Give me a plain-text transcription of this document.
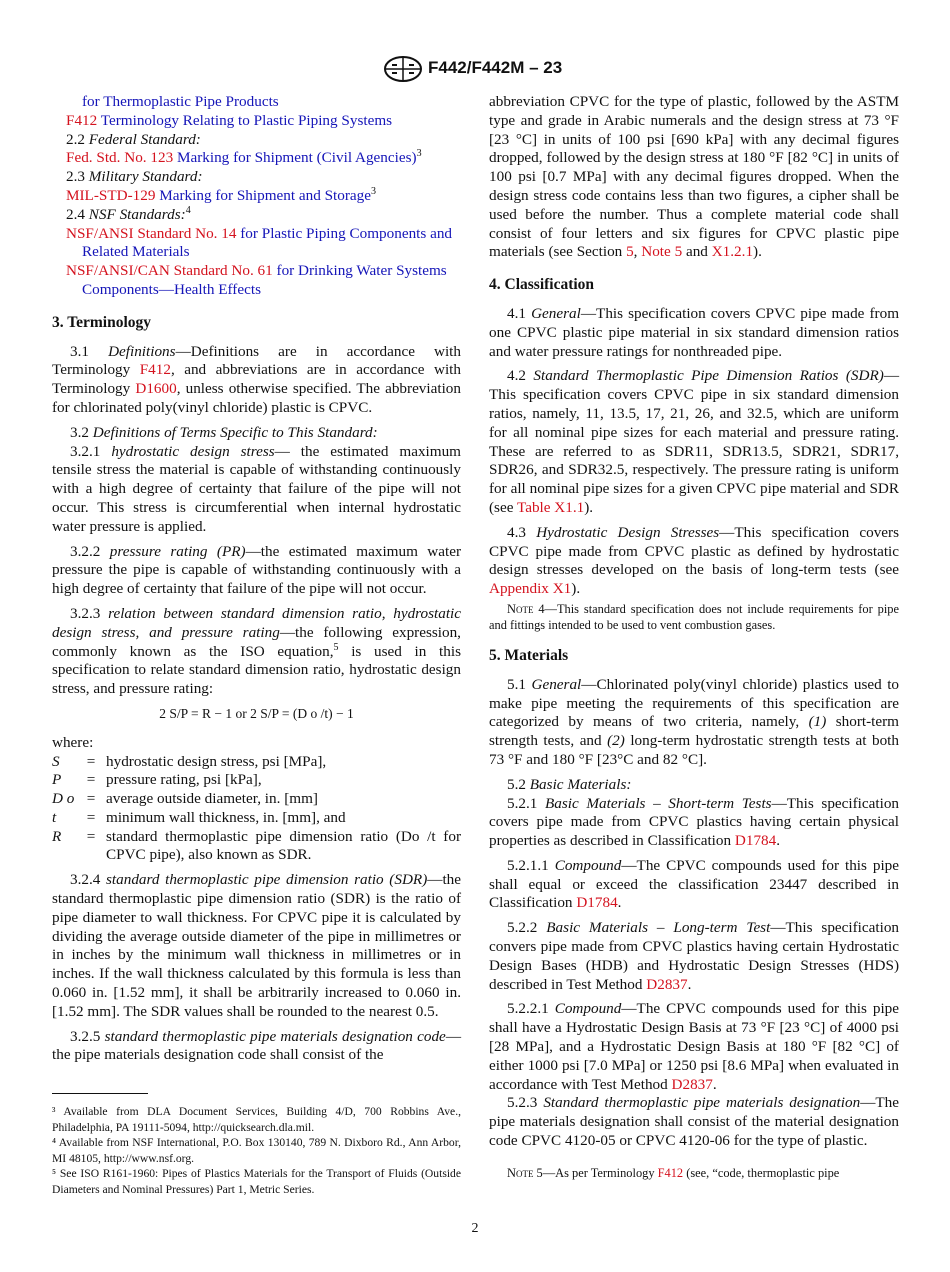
F442/F442M – 23

for Thermoplastic Pipe Products

F412 Terminology Relating to Plastic Piping Systems

2.2 Federal Standard:

Fed. Std. No. 123 Marking for Shipment (Civil Agencies)$^3$

2.3 Military Standard:

MIL-STD-129 Marking for Shipment and Storage$^3$

2.4 NSF Standards:$^4$

NSF/ANSI Standard No. 14 for Plastic Piping Components and Related Materials

NSF/ANSI/CAN Standard No. 61 for Drinking Water Systems Components—Health Effects

3. Terminology

3.1 Definitions—Definitions are in accordance with Terminology F412, and abbreviations are in accordance with Terminology D1600, unless otherwise specified. The abbreviation for chlorinated poly(vinyl chloride) plastic is CPVC.

3.2 Definitions of Terms Specific to This Standard:

3.2.1 hydrostatic design stress— the estimated maximum tensile stress the material is capable of withstanding continuously with a high degree of certainty that failure of the pipe will not occur. This stress is circumferential when internal hydrostatic water pressure is applied.

3.2.2 pressure rating (PR)—the estimated maximum water pressure the pipe is capable of withstanding continuously with a high degree of certainty that failure of the pipe will not occur.

3.2.3 relation between standard dimension ratio, hydrostatic design stress, and pressure rating—the following expression, commonly known as the ISO equation,$^5$ is used in this specification to relate standard dimension ratio, hydrostatic design stress, and pressure rating:

2 S/P = R − 1 or 2 S/P = (D o /t) − 1

where:

S	=	hydrostatic design stress, psi [MPa],
P	=	pressure rating, psi [kPa],
D o	=	average outside diameter, in. [mm]
t	=	minimum wall thickness, in. [mm], and
R	=	standard thermoplastic pipe dimension ratio (Do /t for CPVC pipe), also known as SDR.

3.2.4 standard thermoplastic pipe dimension ratio (SDR)—the standard thermoplastic pipe dimension ratio (SDR) is the ratio of pipe diameter to wall thickness. For CPVC pipe it is calculated by dividing the average outside diameter of the pipe in millimetres or in inches by the minimum wall thickness in millimetres or in inches. If the wall thickness calculated by this formula is less than 0.060 in. [1.52 mm], it shall be arbitrarily increased to 0.060 in. [1.52 mm]. The SDR values shall be rounded to the nearest 0.5.

3.2.5 standard thermoplastic pipe materials designation code—the pipe materials designation code shall consist of the

³ Available from DLA Document Services, Building 4/D, 700 Robbins Ave., Philadelphia, PA 19111-5094, http://quicksearch.dla.mil.
⁴ Available from NSF International, P.O. Box 130140, 789 N. Dixboro Rd., Ann Arbor, MI 48105, http://www.nsf.org.
⁵ See ISO R161-1960: Pipes of Plastics Materials for the Transport of Fluids (Outside Diameters and Nominal Pressures) Part 1, Metric Series.

abbreviation CPVC for the type of plastic, followed by the ASTM type and grade in Arabic numerals and the design stress at 73 °F [23 °C] in units of 100 psi [690 kPa] with any decimal figures dropped, followed by the design stress at 180 °F [82 °C] in units of 100 psi [0.7 MPa] with any decimal figures dropped. When the design stress code contains less than two figures, a cipher shall be used before the number. Thus a complete material code shall consist of four letters and six figures for CPVC plastic pipe materials (see Section 5, Note 5 and X1.2.1).

4. Classification

4.1 General—This specification covers CPVC pipe made from one CPVC plastic pipe material in six standard dimension ratios and water pressure ratings for nonthreaded pipe.

4.2 Standard Thermoplastic Pipe Dimension Ratios (SDR)—This specification covers CPVC pipe in six standard dimension ratios, namely, 11, 13.5, 17, 21, 26, and 32.5, which are uniform for all nominal pipe sizes for each material and pressure rating. These are referred to as SDR11, SDR13.5, SDR21, SDR17, SDR26, and SDR32.5, respectively. The pressure rating is uniform for all nominal pipe sizes for a given CPVC pipe material and SDR (see Table X1.1).

4.3 Hydrostatic Design Stresses—This specification covers CPVC pipe made from CPVC plastic as defined by hydrostatic design stresses developed on the basis of long-term tests (see Appendix X1).

Note 4—This standard specification does not include requirements for pipe and fittings intended to be used to vent combustion gases.

5. Materials

5.1 General—Chlorinated poly(vinyl chloride) plastics used to make pipe meeting the requirements of this specification are categorized by means of two criteria, namely, (1) short-term strength tests, and (2) long-term hydrostatic strength tests at both 73 °F and 180 °F [23°C and 82 °C].

5.2 Basic Materials:

5.2.1 Basic Materials – Short-term Tests—This specification covers pipe made from CPVC plastics having certain physical properties as described in Classification D1784.

5.2.1.1 Compound—The CPVC compounds used for this pipe shall equal or exceed the classification 23447 described in Classification D1784.

5.2.2 Basic Materials – Long-term Test—This specification convers pipe made from CPVC plastics having certain Hydrostatic Design Bases (HDB) and Hydrostatic Design Stresses (HDS) described in Test Method D2837.

5.2.2.1 Compound—The CPVC compounds used for this pipe shall have a Hydrostatic Design Basis at 73 °F [23 °C] of 4000 psi [28 MPa], and a Hydrostatic Design Basis at 180 °F [82 °C] of either 1000 psi [7.0 MPa] or 1250 psi [8.6 MPa] when evaluated in accordance with Test Method D2837.

5.2.3 Standard thermoplastic pipe materials designation—The pipe materials designation shall consist of the material designation code CPVC 4120-05 or CPVC 4120-06 for the type of plastic.

Note 5—As per Terminology F412 (see, “code, thermoplastic pipe

2
